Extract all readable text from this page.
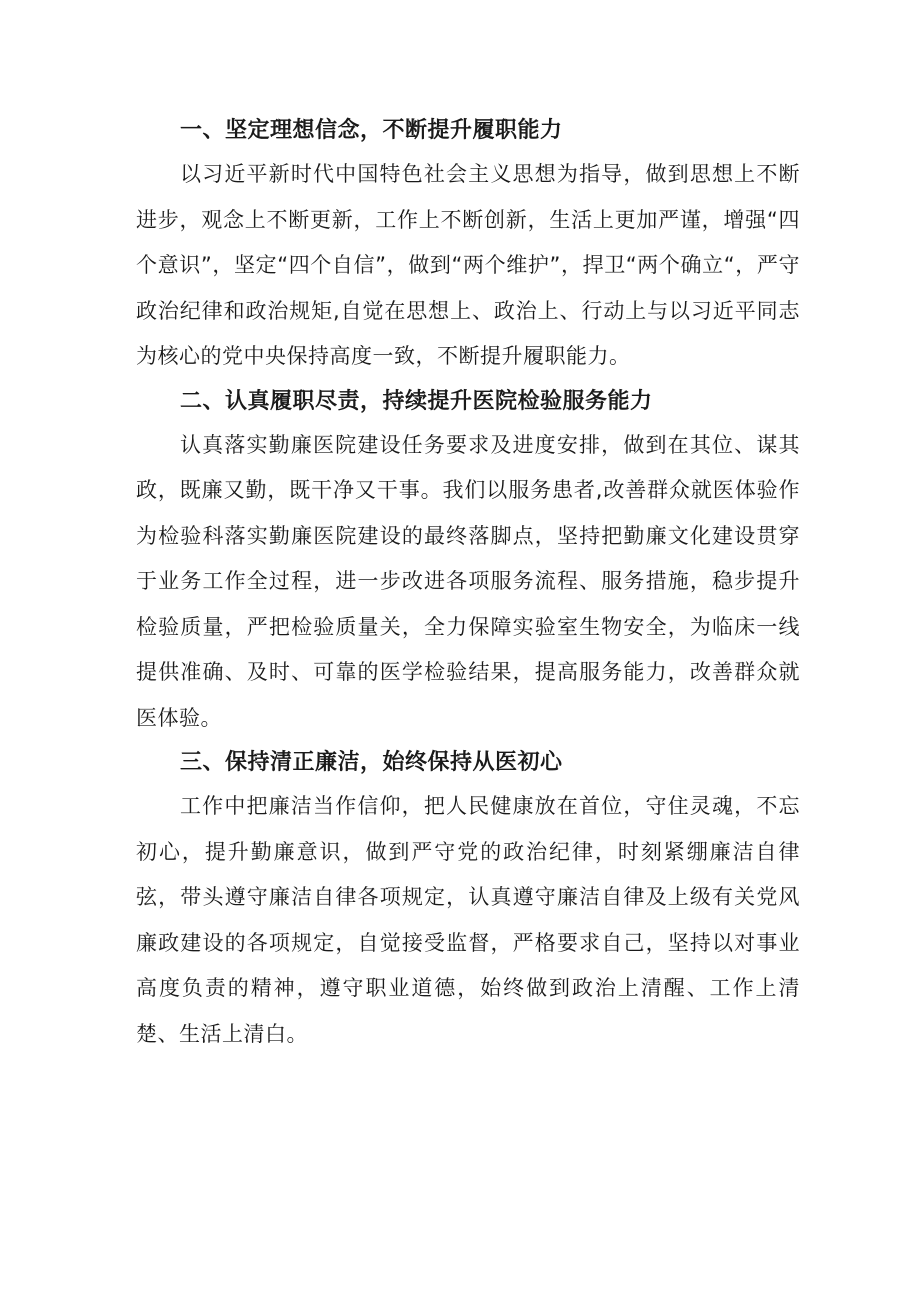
一、坚定理想信念，不断提升履职能力

以习近平新时代中国特色社会主义思想为指导，做到思想上不断进步，观念上不断更新，工作上不断创新，生活上更加严谨，增强“四个意识”，坚定“四个自信”，做到“两个维护”，捍卫“两个确立“，严守政治纪律和政治规矩,自觉在思想上、政治上、行动上与以习近平同志为核心的党中央保持高度一致，不断提升履职能力。

二、认真履职尽责，持续提升医院检验服务能力

认真落实勤廉医院建设任务要求及进度安排，做到在其位、谋其政，既廉又勤，既干净又干事。我们以服务患者,改善群众就医体验作为检验科落实勤廉医院建设的最终落脚点，坚持把勤廉文化建设贯穿于业务工作全过程，进一步改进各项服务流程、服务措施，稳步提升检验质量，严把检验质量关，全力保障实验室生物安全，为临床一线提供准确、及时、可靠的医学检验结果，提高服务能力，改善群众就医体验。

三、保持清正廉洁，始终保持从医初心

工作中把廉洁当作信仰，把人民健康放在首位，守住灵魂，不忘初心，提升勤廉意识，做到严守党的政治纪律，时刻紧绷廉洁自律弦，带头遵守廉洁自律各项规定，认真遵守廉洁自律及上级有关党风廉政建设的各项规定，自觉接受监督，严格要求自己，坚持以对事业高度负责的精神，遵守职业道德，始终做到政治上清醒、工作上清楚、生活上清白。
